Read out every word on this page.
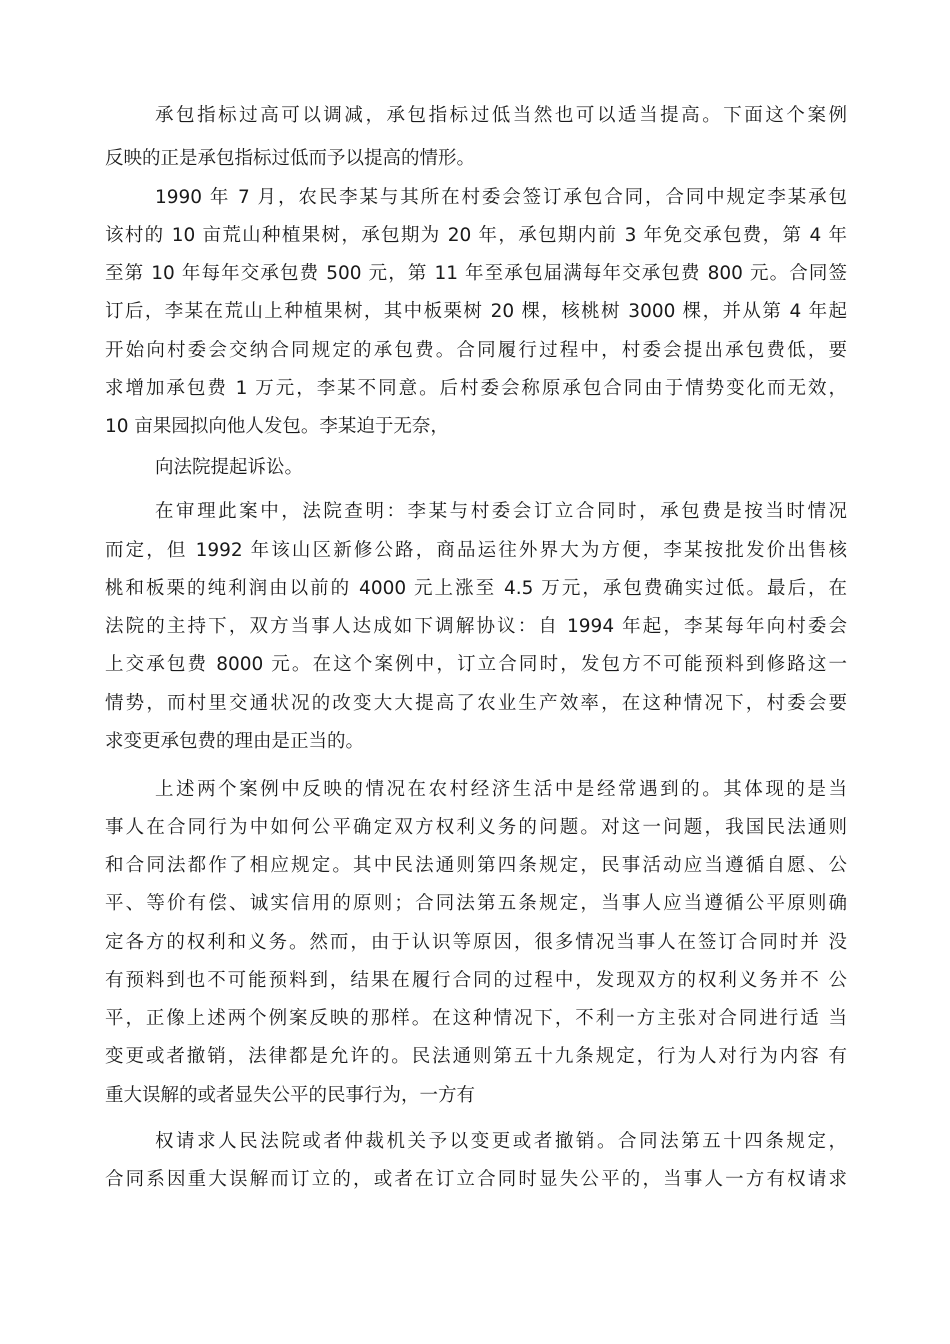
承包指标过高可以调减，承包指标过低当然也可以适当提高。下面这个案例

反映的正是承包指标过低而予以提高的情形。

1990 年 7 月，农民李某与其所在村委会签订承包合同，合同中规定李某承包

该村的 10 亩荒山种植果树，承包期为 20 年，承包期内前 3 年免交承包费，第 4 年

至第 10 年每年交承包费 500 元，第 11 年至承包届满每年交承包费 800 元。合同签

订后，李某在荒山上种植果树，其中板栗树 20 棵，核桃树 3000 棵，并从第 4 年起

开始向村委会交纳合同规定的承包费。合同履行过程中，村委会提出承包费低，要

求增加承包费 1 万元，李某不同意。后村委会称原承包合同由于情势变化而无效，

10 亩果园拟向他人发包。李某迫于无奈，

向法院提起诉讼。

在审理此案中，法院查明：李某与村委会订立合同时，承包费是按当时情况

而定，但 1992 年该山区新修公路，商品运往外界大为方便，李某按批发价出售核

桃和板栗的纯利润由以前的 4000 元上涨至 4.5 万元，承包费确实过低。最后，在

法院的主持下，双方当事人达成如下调解协议：自 1994 年起，李某每年向村委会

上交承包费 8000 元。在这个案例中，订立合同时，发包方不可能预料到修路这一

情势，而村里交通状况的改变大大提高了农业生产效率，在这种情况下，村委会要

求变更承包费的理由是正当的。

上述两个案例中反映的情况在农村经济生活中是经常遇到的。其体现的是当

事人在合同行为中如何公平确定双方权利义务的问题。对这一问题，我国民法通则

和合同法都作了相应规定。其中民法通则第四条规定，民事活动应当遵循自愿、公

平、等价有偿、诚实信用的原则；合同法第五条规定，当事人应当遵循公平原则确

定各方的权利和义务。然而，由于认识等原因，很多情况当事人在签订合同时并 没

有预料到也不可能预料到，结果在履行合同的过程中，发现双方的权利义务并不 公

平，正像上述两个例案反映的那样。在这种情况下，不利一方主张对合同进行适 当

变更或者撤销，法律都是允许的。民法通则第五十九条规定，行为人对行为内容 有

重大误解的或者显失公平的民事行为，一方有

权请求人民法院或者仲裁机关予以变更或者撤销。合同法第五十四条规定，

合同系因重大误解而订立的，或者在订立合同时显失公平的，当事人一方有权请求
